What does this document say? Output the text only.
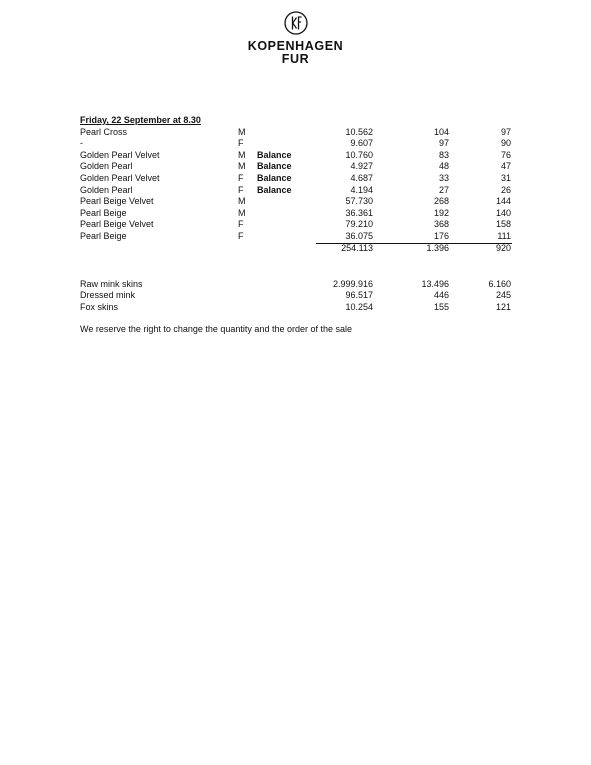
KOPENHAGEN
FUR
Friday, 22 September at 8.30
Pearl Cross	M	10.562	104	97
-	F	9.607	97	90
Golden Pearl Velvet	M Balance	10.760	83	76
Golden Pearl	M Balance	4.927	48	47
Golden Pearl Velvet	F Balance	4.687	33	31
Golden Pearl	F Balance	4.194	27	26
Pearl Beige Velvet	M	57.730	268	144
Pearl Beige	M	36.361	192	140
Pearl Beige Velvet	F	79.210	368	158
Pearl Beige	F	36.075	176	111
254.113	1.396	920
Raw mink skins	2.999.916	13.496	6.160
Dressed mink	96.517	446	245
Fox skins	10.254	155	121
We reserve the right to change the quantity and the order of the sale
